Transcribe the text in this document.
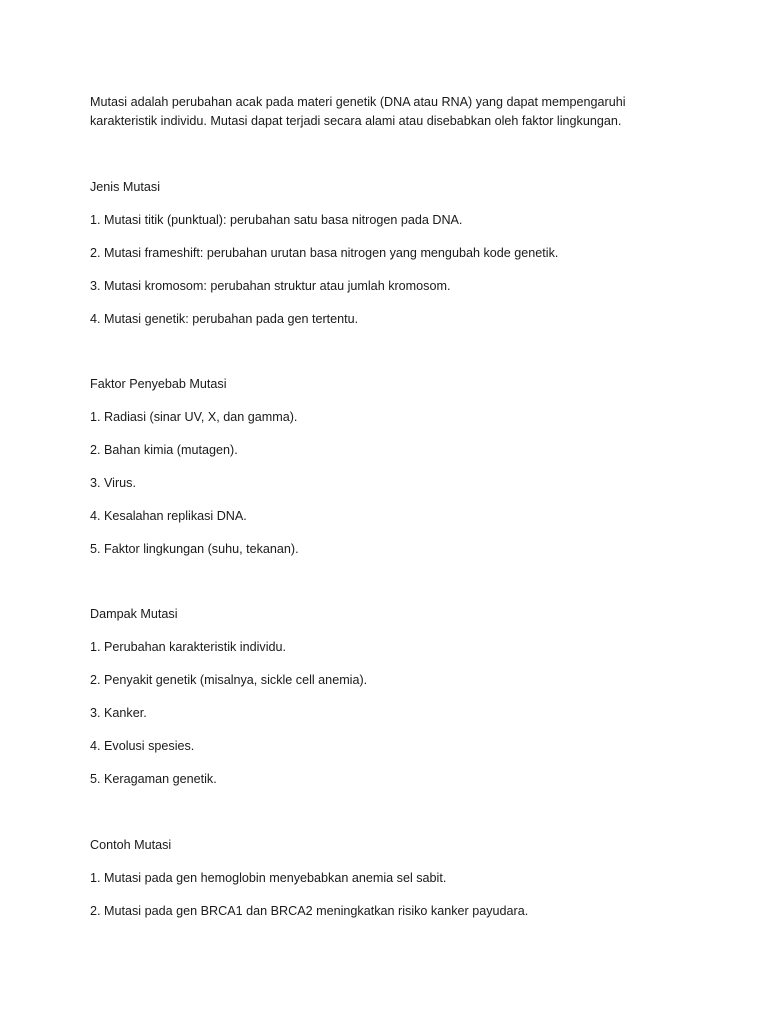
Mutasi adalah perubahan acak pada materi genetik (DNA atau RNA) yang dapat mempengaruhi
karakteristik individu. Mutasi dapat terjadi secara alami atau disebabkan oleh faktor lingkungan.
Jenis Mutasi
1. Mutasi titik (punktual): perubahan satu basa nitrogen pada DNA.
2. Mutasi frameshift: perubahan urutan basa nitrogen yang mengubah kode genetik.
3. Mutasi kromosom: perubahan struktur atau jumlah kromosom.
4. Mutasi genetik: perubahan pada gen tertentu.
Faktor Penyebab Mutasi
1. Radiasi (sinar UV, X, dan gamma).
2. Bahan kimia (mutagen).
3. Virus.
4. Kesalahan replikasi DNA.
5. Faktor lingkungan (suhu, tekanan).
Dampak Mutasi
1. Perubahan karakteristik individu.
2. Penyakit genetik (misalnya, sickle cell anemia).
3. Kanker.
4. Evolusi spesies.
5. Keragaman genetik.
Contoh Mutasi
1. Mutasi pada gen hemoglobin menyebabkan anemia sel sabit.
2. Mutasi pada gen BRCA1 dan BRCA2 meningkatkan risiko kanker payudara.
